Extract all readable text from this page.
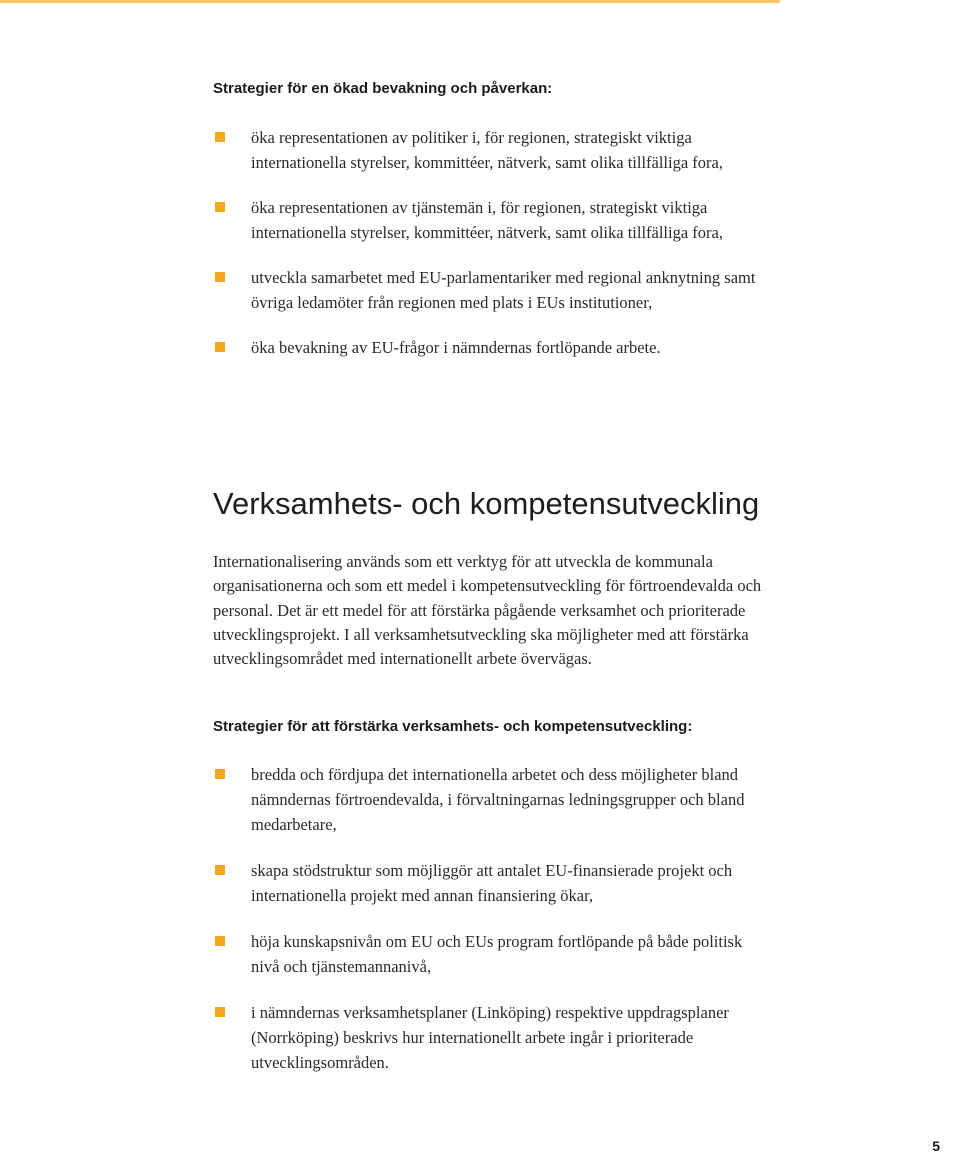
Strategier för en ökad bevakning och påverkan:
öka representationen av politiker i, för regionen, strategiskt viktiga internationella styrelser, kommittéer, nätverk, samt olika tillfälliga fora,
öka representationen av tjänstemän i, för regionen, strategiskt viktiga internationella styrelser, kommittéer, nätverk, samt olika tillfälliga fora,
utveckla samarbetet med EU-parlamentariker med regional anknytning samt övriga ledamöter från regionen med plats i EUs institutioner,
öka bevakning av EU-frågor i nämndernas fortlöpande arbete.
Verksamhets- och kompetensutveckling

Internationalisering används som ett verktyg för att utveckla de kommunala organisationerna och som ett medel i kompetensutveckling för förtroendevalda och personal. Det är ett medel för att förstärka pågående verksamhet och prioriterade utvecklingsprojekt. I all verksamhetsutveckling ska möjligheter med att förstärka utvecklingsområdet med internationellt arbete övervägas.

Strategier för att förstärka verksamhets- och kompetensutveckling:
bredda och fördjupa det internationella arbetet och dess möjligheter bland nämndernas förtroendevalda, i förvaltningarnas ledningsgrupper och bland medarbetare,
skapa stödstruktur som möjliggör att antalet EU-finansierade projekt och internationella projekt med annan finansiering ökar,
höja kunskapsnivån om EU och EUs program fortlöpande på både politisk nivå och tjänstemannanivå,
i nämndernas verksamhetsplaner (Linköping) respektive uppdragsplaner (Norrköping) beskrivs hur internationellt arbete ingår i prioriterade utvecklingsområden.
5
